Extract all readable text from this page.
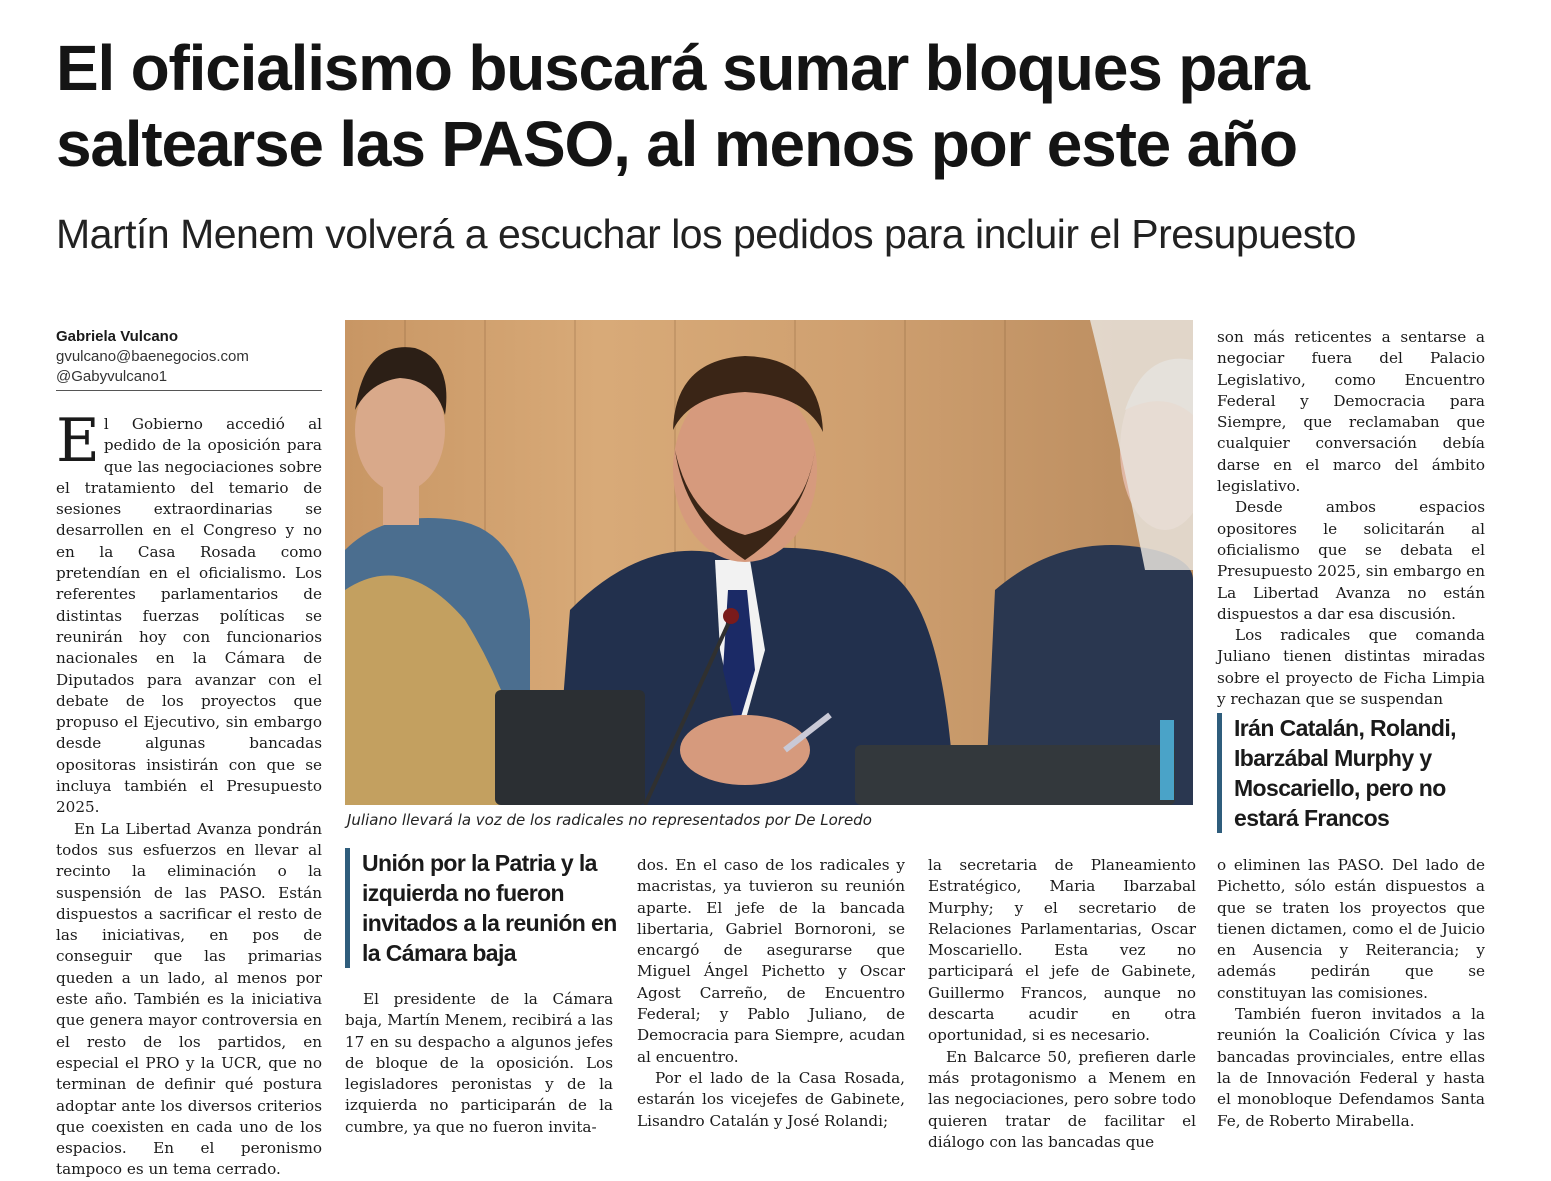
El oficialismo buscará sumar bloques para saltearse las PASO, al menos por este año
Martín Menem volverá a escuchar los pedidos para incluir el Presupuesto
Gabriela Vulcano
gvulcano@baenegocios.com
@Gabyvulcano1

El Gobierno accedió al pedido de la oposición para que las negociaciones sobre el tratamiento del temario de sesiones extraordinarias se desarrollen en el Congreso y no en la Casa Rosada como pretendían en el oficialismo. Los referentes parlamentarios de distintas fuerzas políticas se reunirán hoy con funcionarios nacionales en la Cámara de Diputados para avanzar con el debate de los proyectos que propuso el Ejecutivo, sin embargo desde algunas bancadas opositoras insistirán con que se incluya también el Presupuesto 2025.

En La Libertad Avanza pondrán todos sus esfuerzos en llevar al recinto la eliminación o la suspensión de las PASO. Están dispuestos a sacrificar el resto de las iniciativas, en pos de conseguir que las primarias queden a un lado, al menos por este año. También es la iniciativa que genera mayor controversia en el resto de los partidos, en especial el PRO y la UCR, que no terminan de definir qué postura adoptar ante los diversos criterios que coexisten en cada uno de los espacios. En el peronismo tampoco es un tema cerrado.

Juliano llevará la voz de los radicales no representados por De Loredo
Unión por la Patria y la izquierda no fueron invitados a la reunión en la Cámara baja

El presidente de la Cámara baja, Martín Menem, recibirá a las 17 en su despacho a algunos jefes de bloque de la oposición. Los legisladores peronistas y de la izquierda no participarán de la cumbre, ya que no fueron invita-

dos. En el caso de los radicales y macristas, ya tuvieron su reunión aparte. El jefe de la bancada libertaria, Gabriel Bornoroni, se encargó de asegurarse que Miguel Ángel Pichetto y Oscar Agost Carreño, de Encuentro Federal; y Pablo Juliano, de Democracia para Siempre, acudan al encuentro.

Por el lado de la Casa Rosada, estarán los vicejefes de Gabinete, Lisandro Catalán y José Rolandi;

la secretaria de Planeamiento Estratégico, Maria Ibarzabal Murphy; y el secretario de Relaciones Parlamentarias, Oscar Moscariello. Esta vez no participará el jefe de Gabinete, Guillermo Francos, aunque no descarta acudir en otra oportunidad, si es necesario.

En Balcarce 50, prefieren darle más protagonismo a Menem en las negociaciones, pero sobre todo quieren tratar de facilitar el diálogo con las bancadas que

son más reticentes a sentarse a negociar fuera del Palacio Legislativo, como Encuentro Federal y Democracia para Siempre, que reclamaban que cualquier conversación debía darse en el marco del ámbito legislativo.

Desde ambos espacios opositores le solicitarán al oficialismo que se debata el Presupuesto 2025, sin embargo en La Libertad Avanza no están dispuestos a dar esa discusión.

Los radicales que comanda Juliano tienen distintas miradas sobre el proyecto de Ficha Limpia y rechazan que se suspendan

Irán Catalán, Rolandi, Ibarzábal Murphy y Moscariello, pero no estará Francos

o eliminen las PASO. Del lado de Pichetto, sólo están dispuestos a que se traten los proyectos que tienen dictamen, como el de Juicio en Ausencia y Reiterancia; y además pedirán que se constituyan las comisiones.

También fueron invitados a la reunión la Coalición Cívica y las bancadas provinciales, entre ellas la de Innovación Federal y hasta el monobloque Defendamos Santa Fe, de Roberto Mirabella.
